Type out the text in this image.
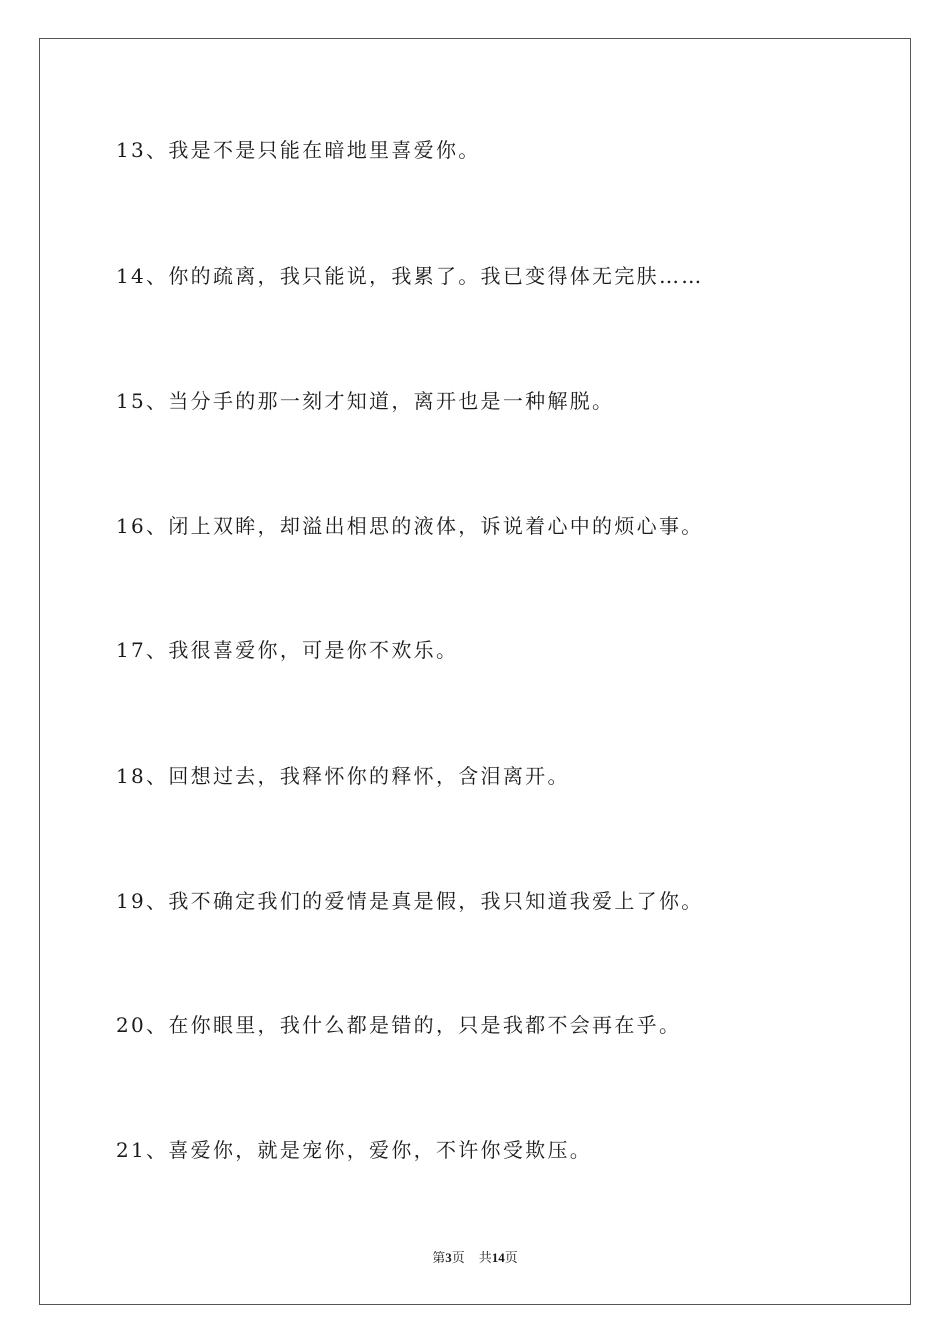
13、我是不是只能在暗地里喜爱你。
14、你的疏离，我只能说，我累了。我已变得体无完肤……
15、当分手的那一刻才知道，离开也是一种解脱。
16、闭上双眸，却溢出相思的液体，诉说着心中的烦心事。
17、我很喜爱你，可是你不欢乐。
18、回想过去，我释怀你的释怀，含泪离开。
19、我不确定我们的爱情是真是假，我只知道我爱上了你。
20、在你眼里，我什么都是错的，只是我都不会再在乎。
21、喜爱你，就是宠你，爱你，不许你受欺压。
第3页 共14页
